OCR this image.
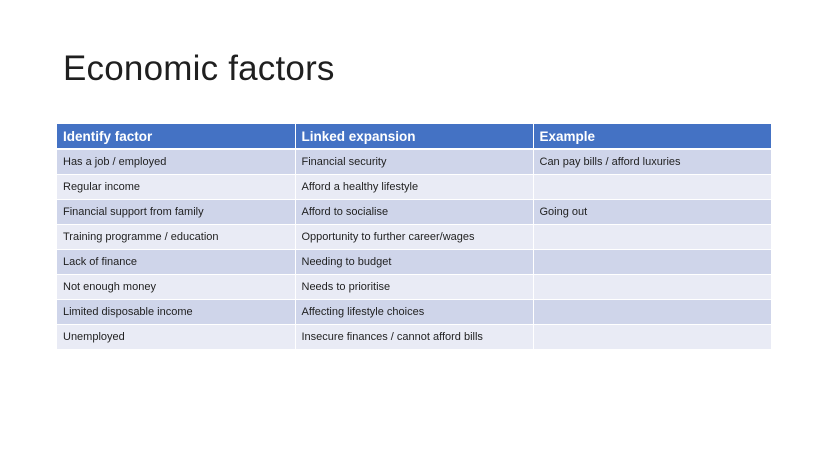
Economic factors
Identify factor	Linked expansion	Example
Has a job / employed	Financial security	Can pay bills / afford luxuries
Regular income	Afford a healthy lifestyle	
Financial support from family	Afford to socialise	Going out
Training programme / education	Opportunity to further career/wages	
Lack of finance	Needing to budget	
Not enough money	Needs to prioritise	
Limited disposable income	Affecting lifestyle choices	
Unemployed	Insecure finances / cannot afford bills	
